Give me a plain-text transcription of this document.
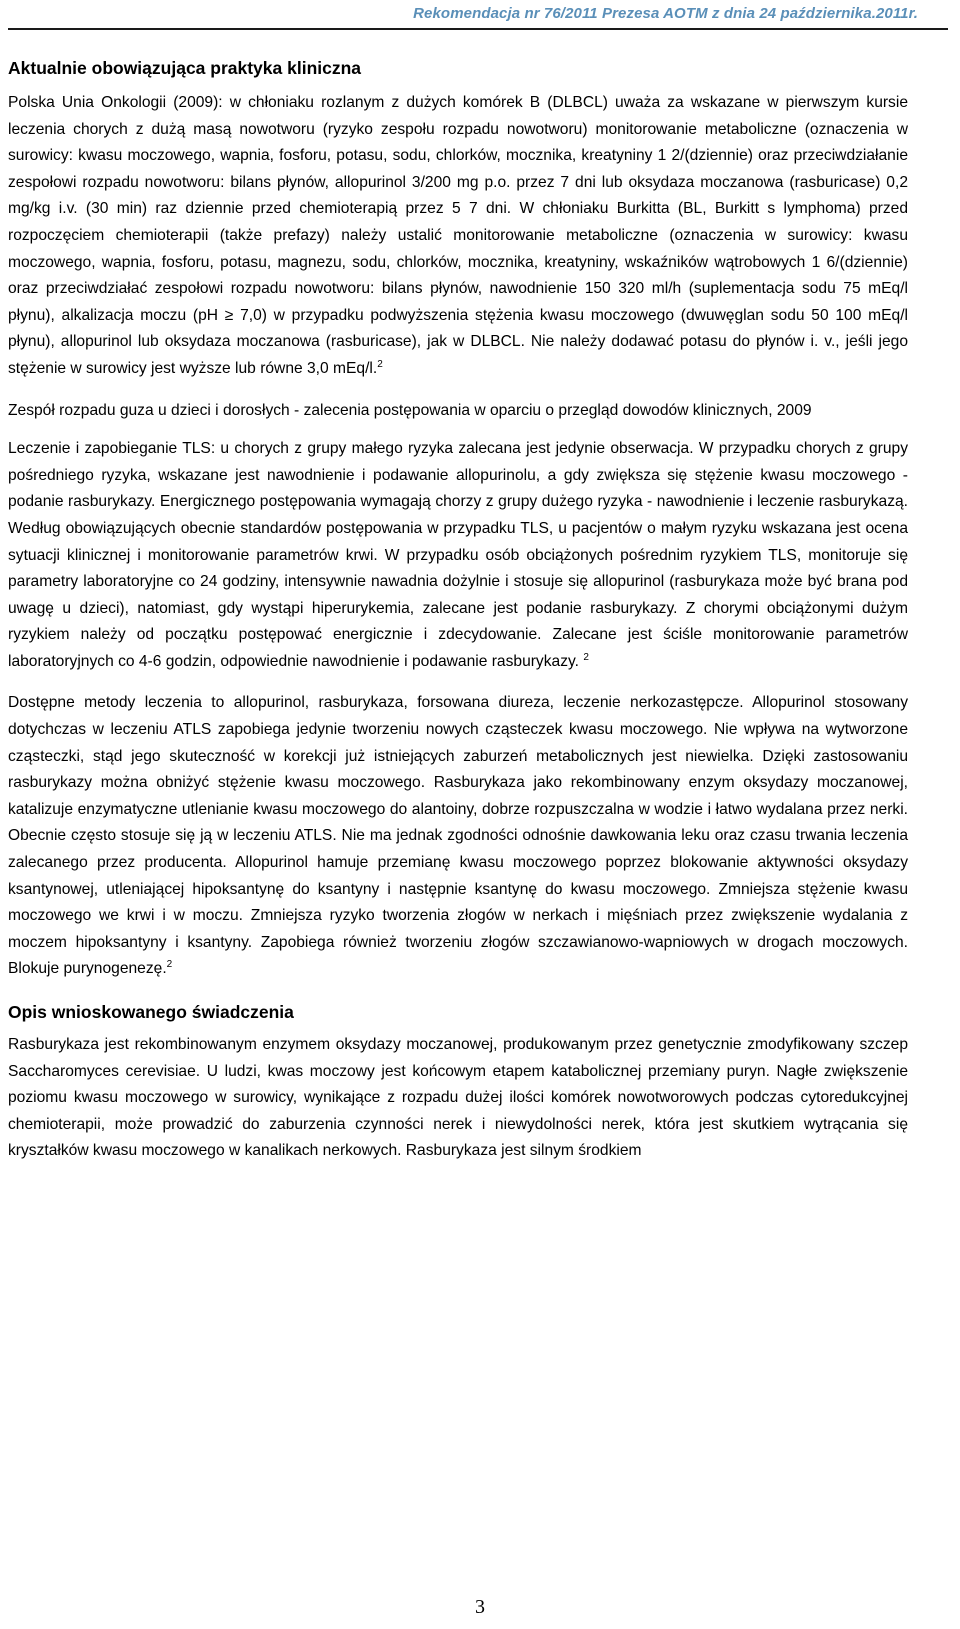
Rekomendacja nr 76/2011 Prezesa AOTM z dnia 24 października.2011r.
Aktualnie obowiązująca praktyka kliniczna

Polska Unia Onkologii (2009): w chłoniaku rozlanym z dużych komórek B (DLBCL) uważa za wskazane w pierwszym kursie leczenia chorych z dużą masą nowotworu (ryzyko zespołu rozpadu nowotworu) monitorowanie metaboliczne (oznaczenia w surowicy: kwasu moczowego, wapnia, fosforu, potasu, sodu, chlorków, mocznika, kreatyniny 1 2/(dziennie) oraz przeciwdziałanie zespołowi rozpadu nowotworu: bilans płynów, allopurinol 3/200 mg p.o. przez 7 dni lub oksydaza moczanowa (rasburicase) 0,2 mg/kg i.v. (30 min) raz dziennie przed chemioterapią przez 5 7 dni. W chłoniaku Burkitta (BL, Burkitt s lymphoma) przed rozpoczęciem chemioterapii (także prefazy) należy ustalić monitorowanie metaboliczne (oznaczenia w surowicy: kwasu moczowego, wapnia, fosforu, potasu, magnezu, sodu, chlorków, mocznika, kreatyniny, wskaźników wątrobowych 1 6/(dziennie) oraz przeciwdziałać zespołowi rozpadu nowotworu: bilans płynów, nawodnienie 150 320 ml/h (suplementacja sodu 75 mEq/l płynu), alkalizacja moczu (pH ≥ 7,0) w przypadku podwyższenia stężenia kwasu moczowego (dwuwęglan sodu 50 100 mEq/l płynu), allopurinol lub oksydaza moczanowa (rasburicase), jak w DLBCL. Nie należy dodawać potasu do płynów i. v., jeśli jego stężenie w surowicy jest wyższe lub równe 3,0 mEq/l.$^2$

Zespół rozpadu guza u dzieci i dorosłych - zalecenia postępowania w oparciu o przegląd dowodów klinicznych, 2009

Leczenie i zapobieganie TLS: u chorych z grupy małego ryzyka zalecana jest jedynie obserwacja. W przypadku chorych z grupy pośredniego ryzyka, wskazane jest nawodnienie i podawanie allopurinolu, a gdy zwiększa się stężenie kwasu moczowego - podanie rasburykazy. Energicznego postępowania wymagają chorzy z grupy dużego ryzyka - nawodnienie i leczenie rasburykazą. Według obowiązujących obecnie standardów postępowania w przypadku TLS, u pacjentów o małym ryzyku wskazana jest ocena sytuacji klinicznej i monitorowanie parametrów krwi. W przypadku osób obciążonych pośrednim ryzykiem TLS, monitoruje się parametry laboratoryjne co 24 godziny, intensywnie nawadnia dożylnie i stosuje się allopurinol (rasburykaza może być brana pod uwagę u dzieci), natomiast, gdy wystąpi hiperurykemia, zalecane jest podanie rasburykazy. Z chorymi obciążonymi dużym ryzykiem należy od początku postępować energicznie i zdecydowanie. Zalecane jest ściśle monitorowanie parametrów laboratoryjnych co 4-6 godzin, odpowiednie nawodnienie i podawanie rasburykazy. $^2$

Dostępne metody leczenia to allopurinol, rasburykaza, forsowana diureza, leczenie nerkozastępcze. Allopurinol stosowany dotychczas w leczeniu ATLS zapobiega jedynie tworzeniu nowych cząsteczek kwasu moczowego. Nie wpływa na wytworzone cząsteczki, stąd jego skuteczność w korekcji już istniejących zaburzeń metabolicznych jest niewielka. Dzięki zastosowaniu rasburykazy można obniżyć stężenie kwasu moczowego. Rasburykaza jako rekombinowany enzym oksydazy moczanowej, katalizuje enzymatyczne utlenianie kwasu moczowego do alantoiny, dobrze rozpuszczalna w wodzie i łatwo wydalana przez nerki. Obecnie często stosuje się ją w leczeniu ATLS. Nie ma jednak zgodności odnośnie dawkowania leku oraz czasu trwania leczenia zalecanego przez producenta. Allopurinol hamuje przemianę kwasu moczowego poprzez blokowanie aktywności oksydazy ksantynowej, utleniającej hipoksantynę do ksantyny i następnie ksantynę do kwasu moczowego. Zmniejsza stężenie kwasu moczowego we krwi i w moczu. Zmniejsza ryzyko tworzenia złogów w nerkach i mięśniach przez zwiększenie wydalania z moczem hipoksantyny i ksantyny. Zapobiega również tworzeniu złogów szczawianowo-wapniowych w drogach moczowych. Blokuje purynogenezę.$^2$

Opis wnioskowanego świadczenia

Rasburykaza jest rekombinowanym enzymem oksydazy moczanowej, produkowanym przez genetycznie zmodyfikowany szczep Saccharomyces cerevisiae. U ludzi, kwas moczowy jest końcowym etapem katabolicznej przemiany puryn. Nagłe zwiększenie poziomu kwasu moczowego w surowicy, wynikające z rozpadu dużej ilości komórek nowotworowych podczas cytoredukcyjnej chemioterapii, może prowadzić do zaburzenia czynności nerek i niewydolności nerek, która jest skutkiem wytrącania się kryształków kwasu moczowego w kanalikach nerkowych. Rasburykaza jest silnym środkiem

3
